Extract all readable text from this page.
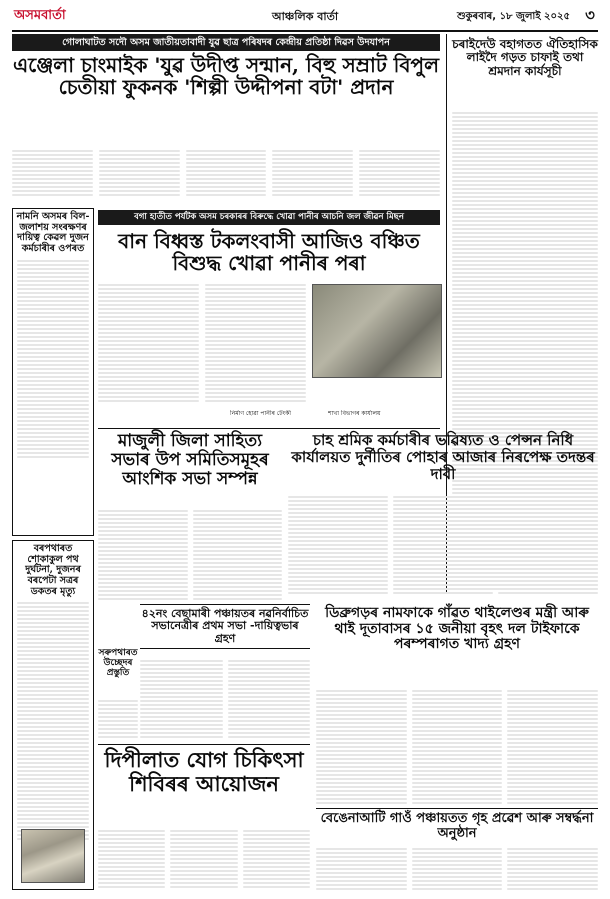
অসমবার্তা	আঞ্চলিক বাৰ্তা	শুকুৰবাৰ, ১৮ জুলাই ২০২৫	৩
গোলাঘাটত সদৌ অসম জাতীয়তাবাদী যুৱ ছাত্ৰ পৰিষদৰ কেন্দ্ৰীয় প্ৰতিষ্ঠা দিৱস উদযাপন
এঞ্জেলা চাংমাইক 'যুৱ উদীপ্ত সন্মান, বিহু সম্ৰাট বিপুল চেতীয়া ফুকনক 'শিল্পী উদ্দীপনা বটা' প্ৰদান
চৰাইদেউ বহাগতত ঐতিহাসিক লাইদৈ গড়ত চাফাই তথা শ্ৰমদান কাৰ্যসূচী
নামনি অসমৰ বিল-জলাশয় সংৰক্ষণৰ দায়িত্ব কেৱল দুজন কৰ্মচাৰীৰ ওপৰত
বগা হাতীত পৰ্যটক অসম চৰকাৰৰ বিৰুদ্ধে খোৱা পানীৰ আচনি জল জীৱন মিছন
বান বিধ্বস্ত টকলংবাসী আজিও বঞ্চিত বিশুদ্ধ খোৱা পানীৰ পৰা
নিৰ্মাণ হোৱা পানীৰ টেংকী	শাখা বিভাগৰ কাৰ্যালয়
মাজুলী জিলা সাহিত্য সভাৰ উপ সমিতিসমূহৰ আংশিক সভা সম্পন্ন
চাহ শ্ৰমিক কৰ্মচাৰীৰ ভৱিষ্যত ও পেন্সন নিধি কাৰ্যালয়ত দুৰ্নীতিৰ পোহাৰ আজাৰ নিৰপেক্ষ তদন্তৰ দাবী
৪২নং বেছামাৰী পঞ্চায়তৰ নৱনিৰ্বাচিত সভানেত্ৰীৰ প্ৰথম সভা -দায়িত্বভাৰ গ্ৰহণ
বৰপথাৰত শোকাকুল পথ দুৰ্ঘটনা, দুজনৰ বৰপেটা সত্ৰৰ ডকতৰ মৃত্যু
ডিব্ৰুগড়ৰ নামফাকে গাঁৱত থাইলেণ্ডৰ মন্ত্ৰী আৰু থাই দূতাবাসৰ ১৫ জনীয়া বৃহৎ দল টাইফাকে পৰম্পৰাগত খাদ্য গ্ৰহণ
সৰুপথাৰত উচ্ছেদৰ প্ৰস্তুতি
দিপীলাত যোগ চিকিৎসা শিবিৰৰ আয়োজন
বেঙেনাআটি গাওঁ পঞ্চায়তত গৃহ প্ৰৱেশ আৰু সম্বৰ্দ্ধনা অনুষ্ঠান
